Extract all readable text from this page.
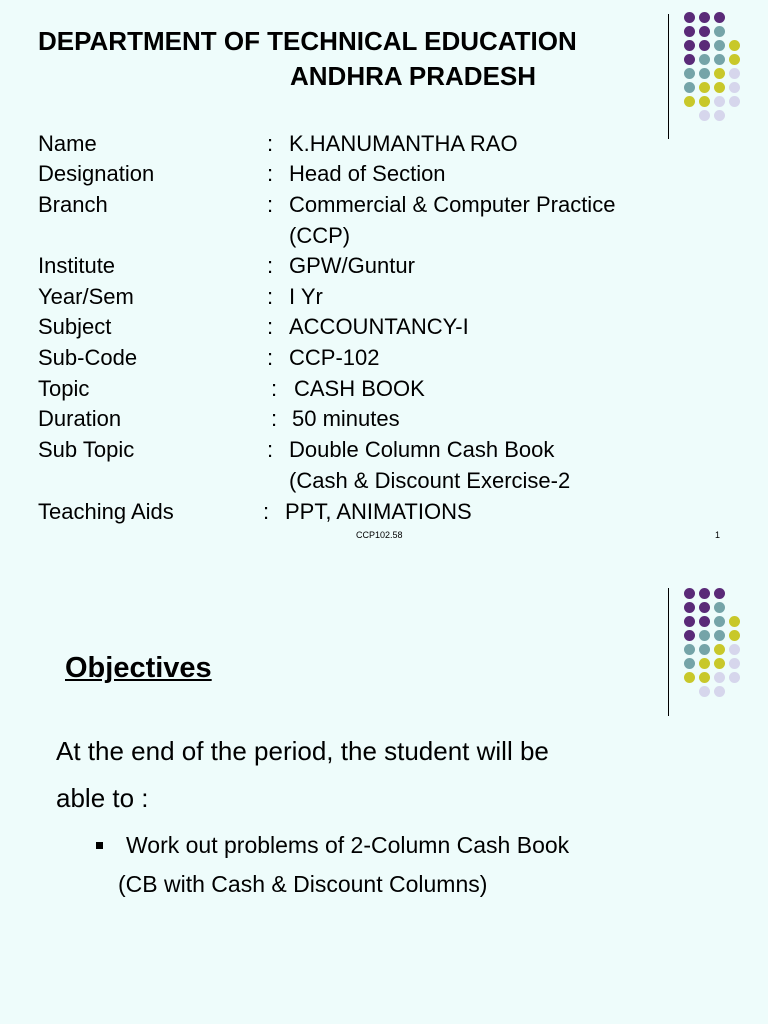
DEPARTMENT OF TECHNICAL EDUCATION
ANDHRA PRADESH
Name	: K.HANUMANTHA RAO
Designation	: Head of Section
Branch	: Commercial & Computer Practice
(CCP)
Institute	: GPW/Guntur
Year/Sem	: I Yr
Subject	: ACCOUNTANCY-I
Sub-Code	: CCP-102
Topic	: CASH BOOK
Duration	: 50 minutes
Sub Topic	: Double Column Cash Book
(Cash & Discount Exercise-2
Teaching Aids	: PPT, ANIMATIONS
CCP102.58	1
Objectives
At the end of the period, the student will be
able to :
Work out problems of 2-Column Cash Book
(CB with Cash & Discount Columns)
